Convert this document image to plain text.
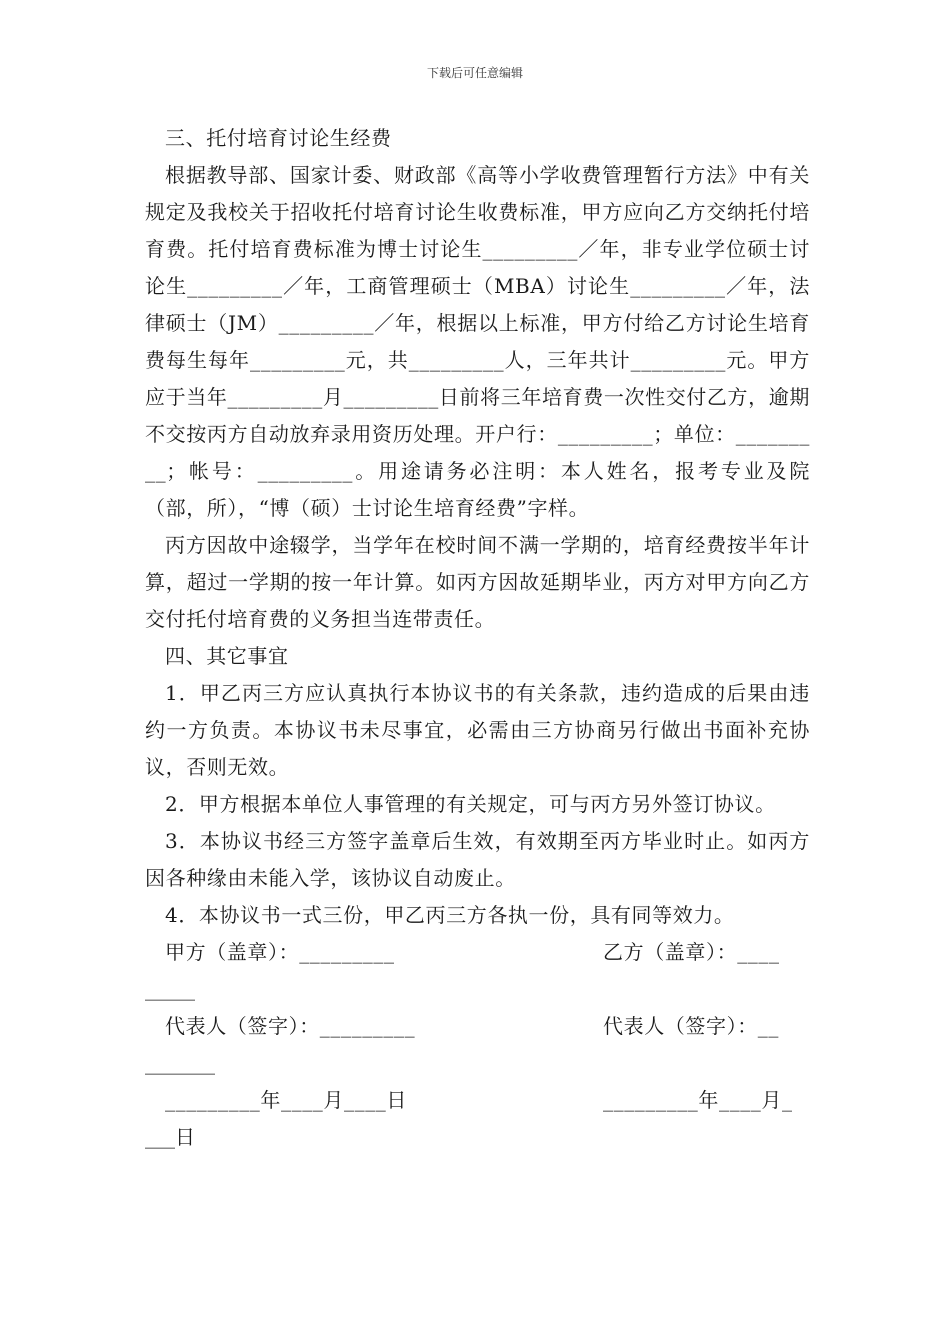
下载后可任意编辑

三、托付培育讨论生经费

根据教导部、国家计委、财政部《高等小学收费管理暂行方法》中有关规定及我校关于招收托付培育讨论生收费标准，甲方应向乙方交纳托付培育费。托付培育费标准为博士讨论生_________／年，非专业学位硕士讨论生_________／年，工商管理硕士（MBA）讨论生_________／年，法律硕士（JM）_________／年，根据以上标准，甲方付给乙方讨论生培育费每生每年_________元，共_________人，三年共计_________元。甲方应于当年_________月_________日前将三年培育费一次性交付乙方，逾期不交按丙方自动放弃录用资历处理。开户行：_________；单位：_________；帐号：_________。用途请务必注明：本人姓名，报考专业及院（部，所），“博（硕）士讨论生培育经费”字样。

丙方因故中途辍学，当学年在校时间不满一学期的，培育经费按半年计算，超过一学期的按一年计算。如丙方因故延期毕业，丙方对甲方向乙方交付托付培育费的义务担当连带责任。

四、其它事宜

1．甲乙丙三方应认真执行本协议书的有关条款，违约造成的后果由违约一方负责。本协议书未尽事宜，必需由三方协商另行做出书面补充协议，否则无效。

2．甲方根据本单位人事管理的有关规定，可与丙方另外签订协议。

3．本协议书经三方签字盖章后生效，有效期至丙方毕业时止。如丙方因各种缘由未能入学，该协议自动废止。

4．本协议书一式三份，甲乙丙三方各执一份，具有同等效力。

甲方（盖章）：_________	乙方（盖章）：____
_____
代表人（签字）：_________	代表人（签字）：__
_______
_________年____月____日	_________年____月_
___日
